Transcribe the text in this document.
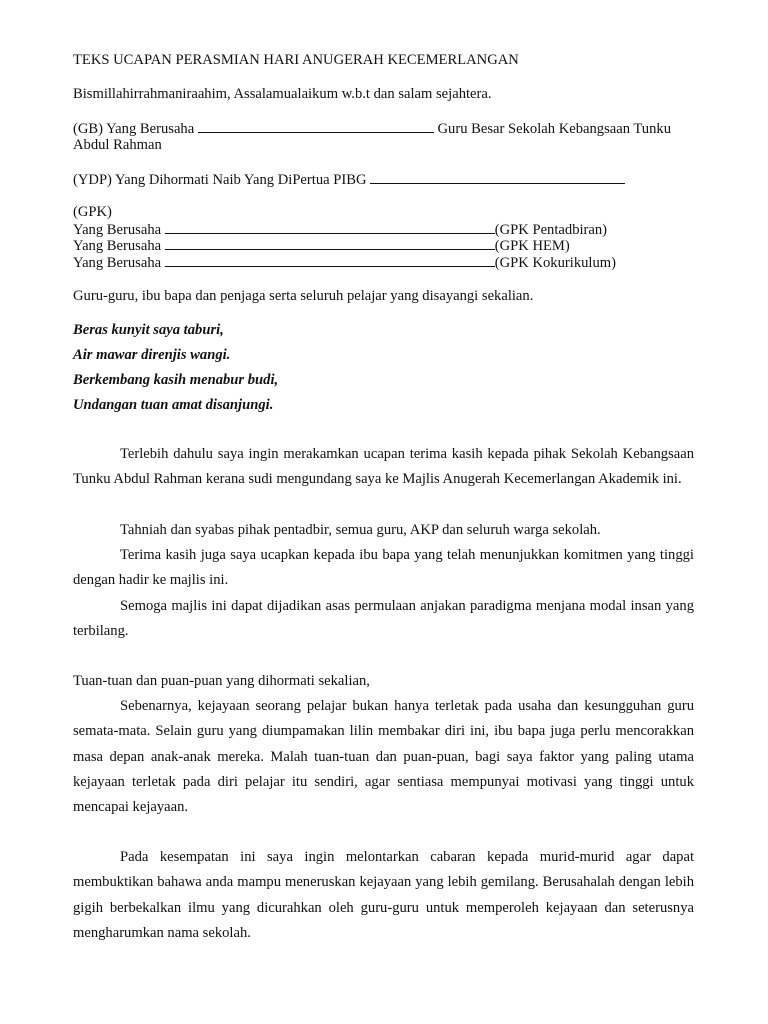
TEKS UCAPAN PERASMIAN HARI ANUGERAH KECEMERLANGAN
Bismillahirrahmaniraahim, Assalamualaikum w.b.t dan salam sejahtera.
(GB) Yang Berusaha	Guru Besar Sekolah Kebangsaan Tunku
Abdul Rahman
(YDP) Yang Dihormati Naib Yang DiPertua PIBG
(GPK)
Yang Berusaha	(GPK Pentadbiran)
Yang Berusaha	(GPK HEM)
Yang Berusaha	(GPK Kokurikulum)
Guru-guru, ibu bapa dan penjaga serta seluruh pelajar yang disayangi sekalian.
Beras kunyit saya taburi,
Air mawar direnjis wangi.
Berkembang kasih menabur budi,
Undangan tuan amat disanjungi.
Terlebih dahulu saya ingin merakamkan ucapan terima kasih kepada pihak Sekolah Kebangsaan Tunku Abdul Rahman kerana sudi mengundang saya ke Majlis Anugerah Kecemerlangan Akademik ini.
Tahniah dan syabas pihak pentadbir, semua guru, AKP dan seluruh warga sekolah.
Terima kasih juga saya ucapkan kepada ibu bapa yang telah menunjukkan komitmen yang tinggi dengan hadir ke majlis ini.
Semoga majlis ini dapat dijadikan asas permulaan anjakan paradigma menjana modal insan yang terbilang.
Tuan-tuan dan puan-puan yang dihormati sekalian,
Sebenarnya, kejayaan seorang pelajar bukan hanya terletak pada usaha dan kesungguhan guru semata-mata. Selain guru yang diumpamakan lilin membakar diri ini, ibu bapa juga perlu mencorakkan masa depan anak-anak mereka. Malah tuan-tuan dan puan-puan, bagi saya faktor yang paling utama kejayaan terletak pada diri pelajar itu sendiri, agar sentiasa mempunyai motivasi yang tinggi untuk mencapai kejayaan.
Pada kesempatan ini saya ingin melontarkan cabaran kepada murid-murid agar dapat membuktikan bahawa anda mampu meneruskan kejayaan yang lebih gemilang. Berusahalah dengan lebih gigih berbekalkan ilmu yang dicurahkan oleh guru-guru untuk memperoleh kejayaan dan seterusnya mengharumkan nama sekolah.
